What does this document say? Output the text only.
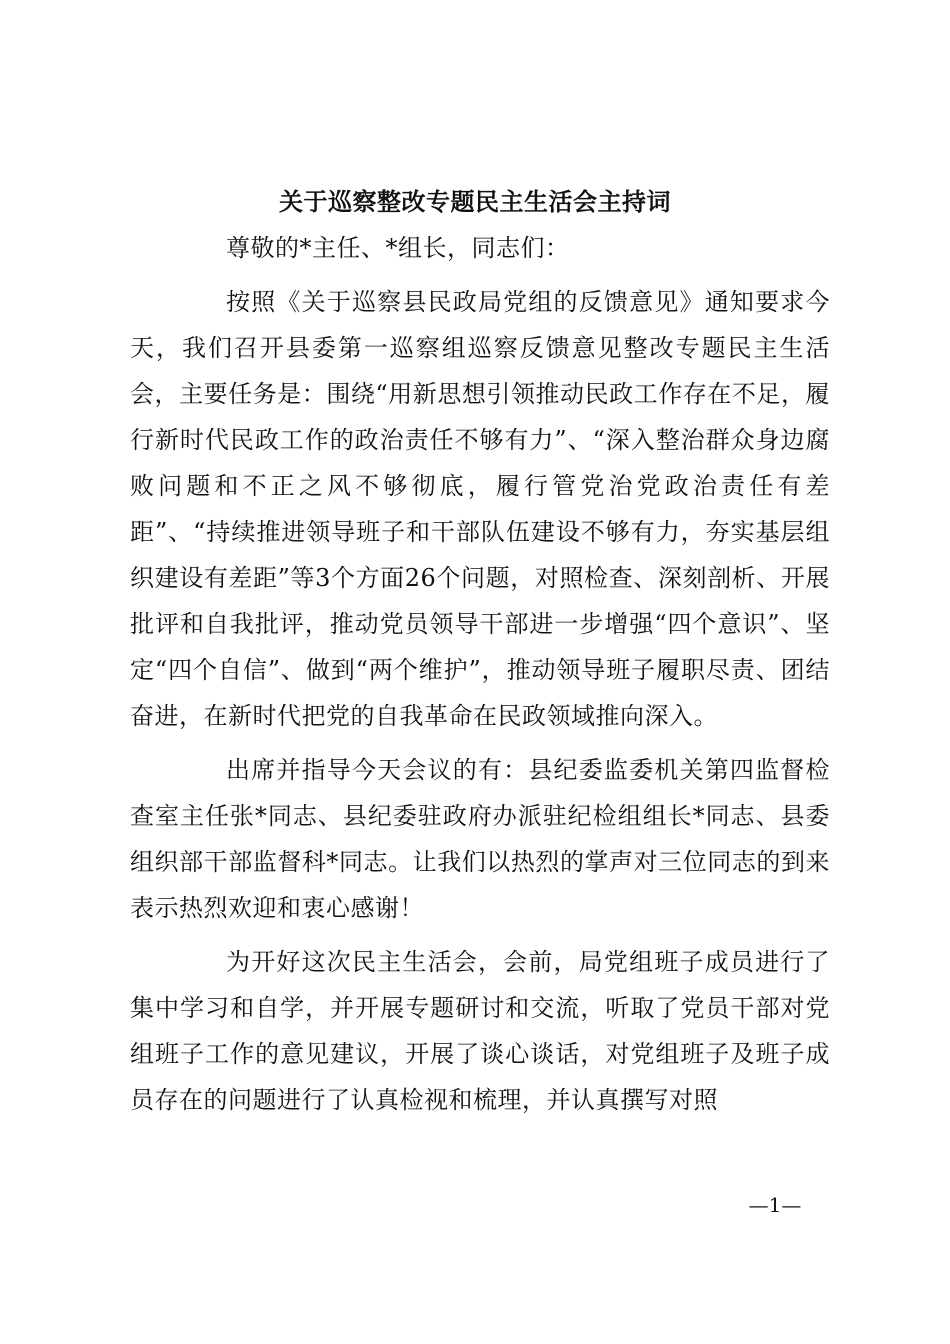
关于巡察整改专题民主生活会主持词

尊敬的*主任、*组长，同志们：

按照《关于巡察县民政局党组的反馈意见》通知要求今天，我们召开县委第一巡察组巡察反馈意见整改专题民主生活会，主要任务是：围绕“用新思想引领推动民政工作存在不足，履行新时代民政工作的政治责任不够有力”、“深入整治群众身边腐败问题和不正之风不够彻底，履行管党治党政治责任有差距”、“持续推进领导班子和干部队伍建设不够有力，夯实基层组织建设有差距”等3个方面26个问题，对照检查、深刻剖析、开展批评和自我批评，推动党员领导干部进一步增强“四个意识”、坚定“四个自信”、做到“两个维护”，推动领导班子履职尽责、团结奋进，在新时代把党的自我革命在民政领域推向深入。

出席并指导今天会议的有：县纪委监委机关第四监督检查室主任张*同志、县纪委驻政府办派驻纪检组组长*同志、县委组织部干部监督科*同志。让我们以热烈的掌声对三位同志的到来表示热烈欢迎和衷心感谢！

为开好这次民主生活会，会前，局党组班子成员进行了集中学习和自学，并开展专题研讨和交流，听取了党员干部对党组班子工作的意见建议，开展了谈心谈话，对党组班子及班子成员存在的问题进行了认真检视和梳理，并认真撰写对照

—1—
